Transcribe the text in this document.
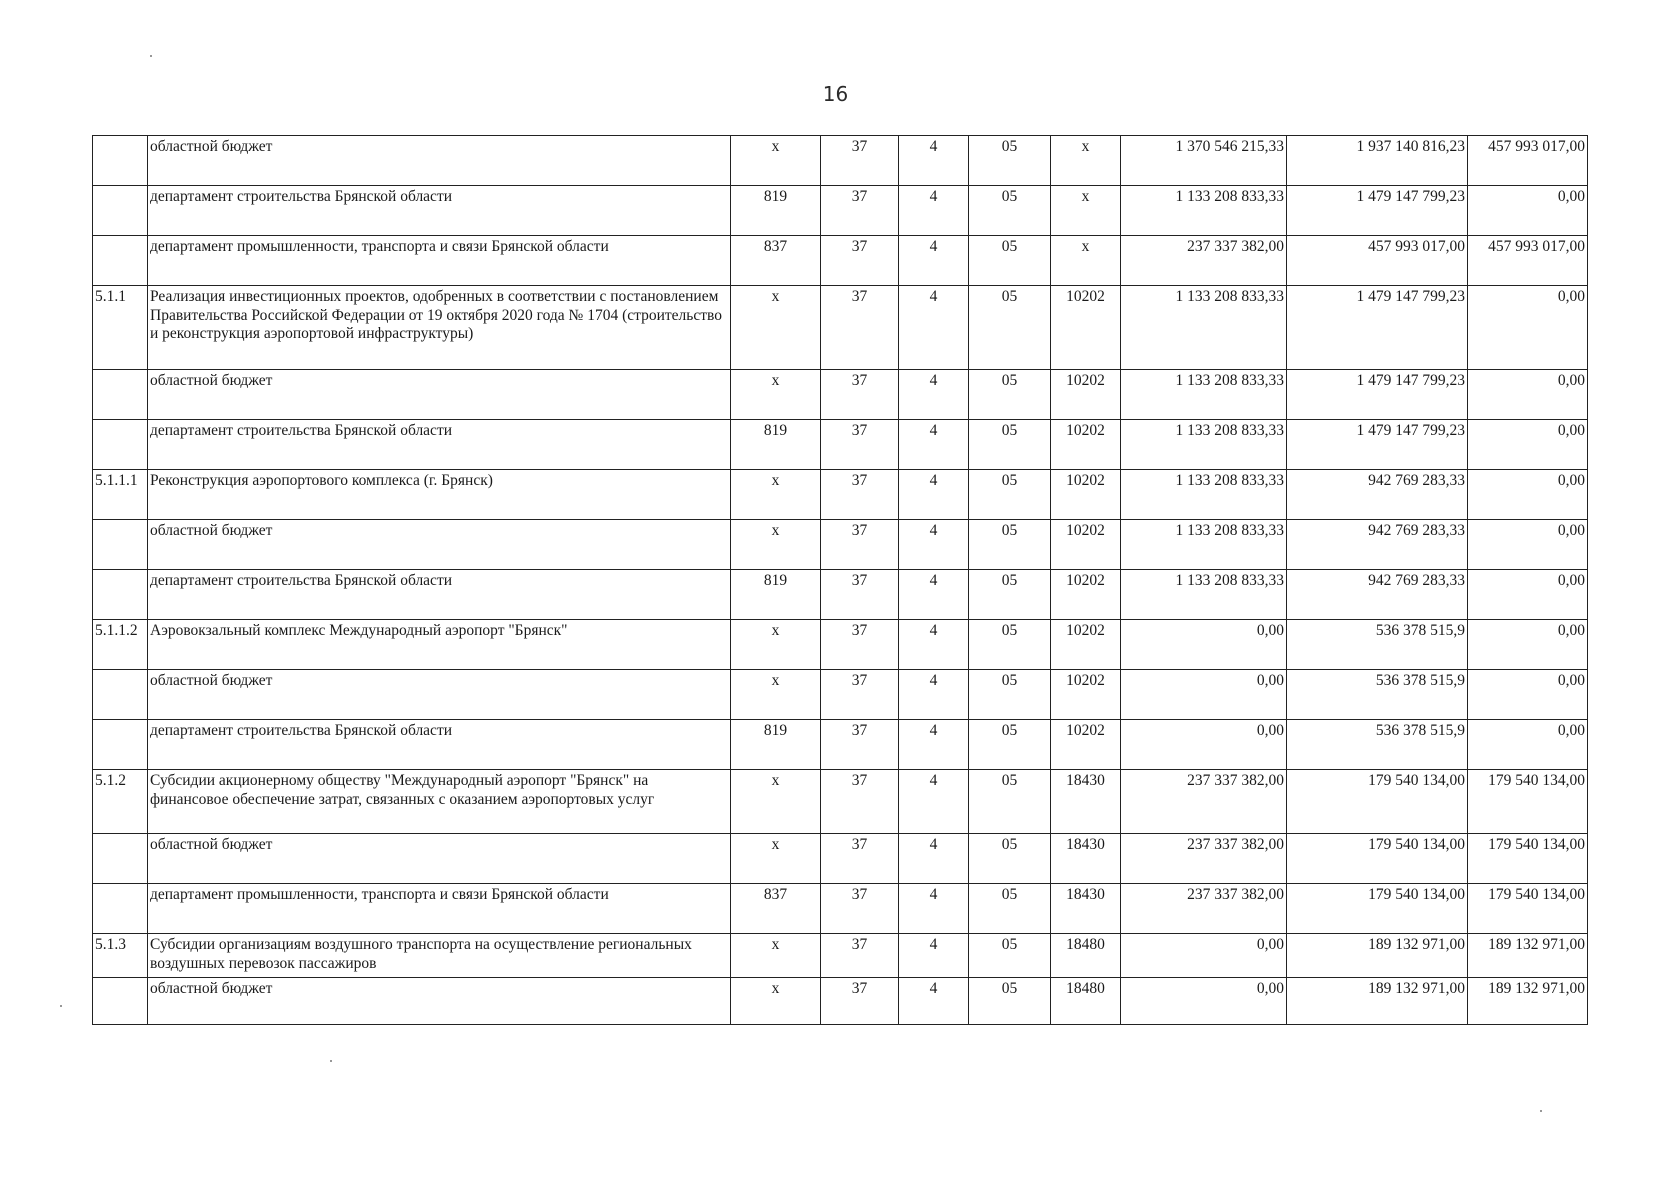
16
	областной бюджет	х	37	4	05	х	1 370 546 215,33	1 937 140 816,23	457 993 017,00
	департамент строительства Брянской области	819	37	4	05	х	1 133 208 833,33	1 479 147 799,23	0,00
	департамент промышленности, транспорта и связи Брянской области	837	37	4	05	х	237 337 382,00	457 993 017,00	457 993 017,00
5.1.1	Реализация инвестиционных проектов, одобренных в соответствии с постановлением Правительства Российской Федерации от 19 октября 2020 года № 1704 (строительство и реконструкция аэропортовой инфраструктуры)	х	37	4	05	10202	1 133 208 833,33	1 479 147 799,23	0,00
	областной бюджет	х	37	4	05	10202	1 133 208 833,33	1 479 147 799,23	0,00
	департамент строительства Брянской области	819	37	4	05	10202	1 133 208 833,33	1 479 147 799,23	0,00
5.1.1.1	Реконструкция аэропортового комплекса (г. Брянск)	х	37	4	05	10202	1 133 208 833,33	942 769 283,33	0,00
	областной бюджет	х	37	4	05	10202	1 133 208 833,33	942 769 283,33	0,00
	департамент строительства Брянской области	819	37	4	05	10202	1 133 208 833,33	942 769 283,33	0,00
5.1.1.2	Аэровокзальный комплекс Международный аэропорт "Брянск"	х	37	4	05	10202	0,00	536 378 515,9	0,00
	областной бюджет	х	37	4	05	10202	0,00	536 378 515,9	0,00
	департамент строительства Брянской области	819	37	4	05	10202	0,00	536 378 515,9	0,00
5.1.2	Субсидии акционерному обществу "Международный аэропорт "Брянск" на финансовое обеспечение затрат, связанных с оказанием аэропортовых услуг	х	37	4	05	18430	237 337 382,00	179 540 134,00	179 540 134,00
	областной бюджет	х	37	4	05	18430	237 337 382,00	179 540 134,00	179 540 134,00
	департамент промышленности, транспорта и связи Брянской области	837	37	4	05	18430	237 337 382,00	179 540 134,00	179 540 134,00
5.1.3	Субсидии организациям воздушного транспорта на осуществление региональных воздушных перевозок пассажиров	х	37	4	05	18480	0,00	189 132 971,00	189 132 971,00
	областной бюджет	х	37	4	05	18480	0,00	189 132 971,00	189 132 971,00
